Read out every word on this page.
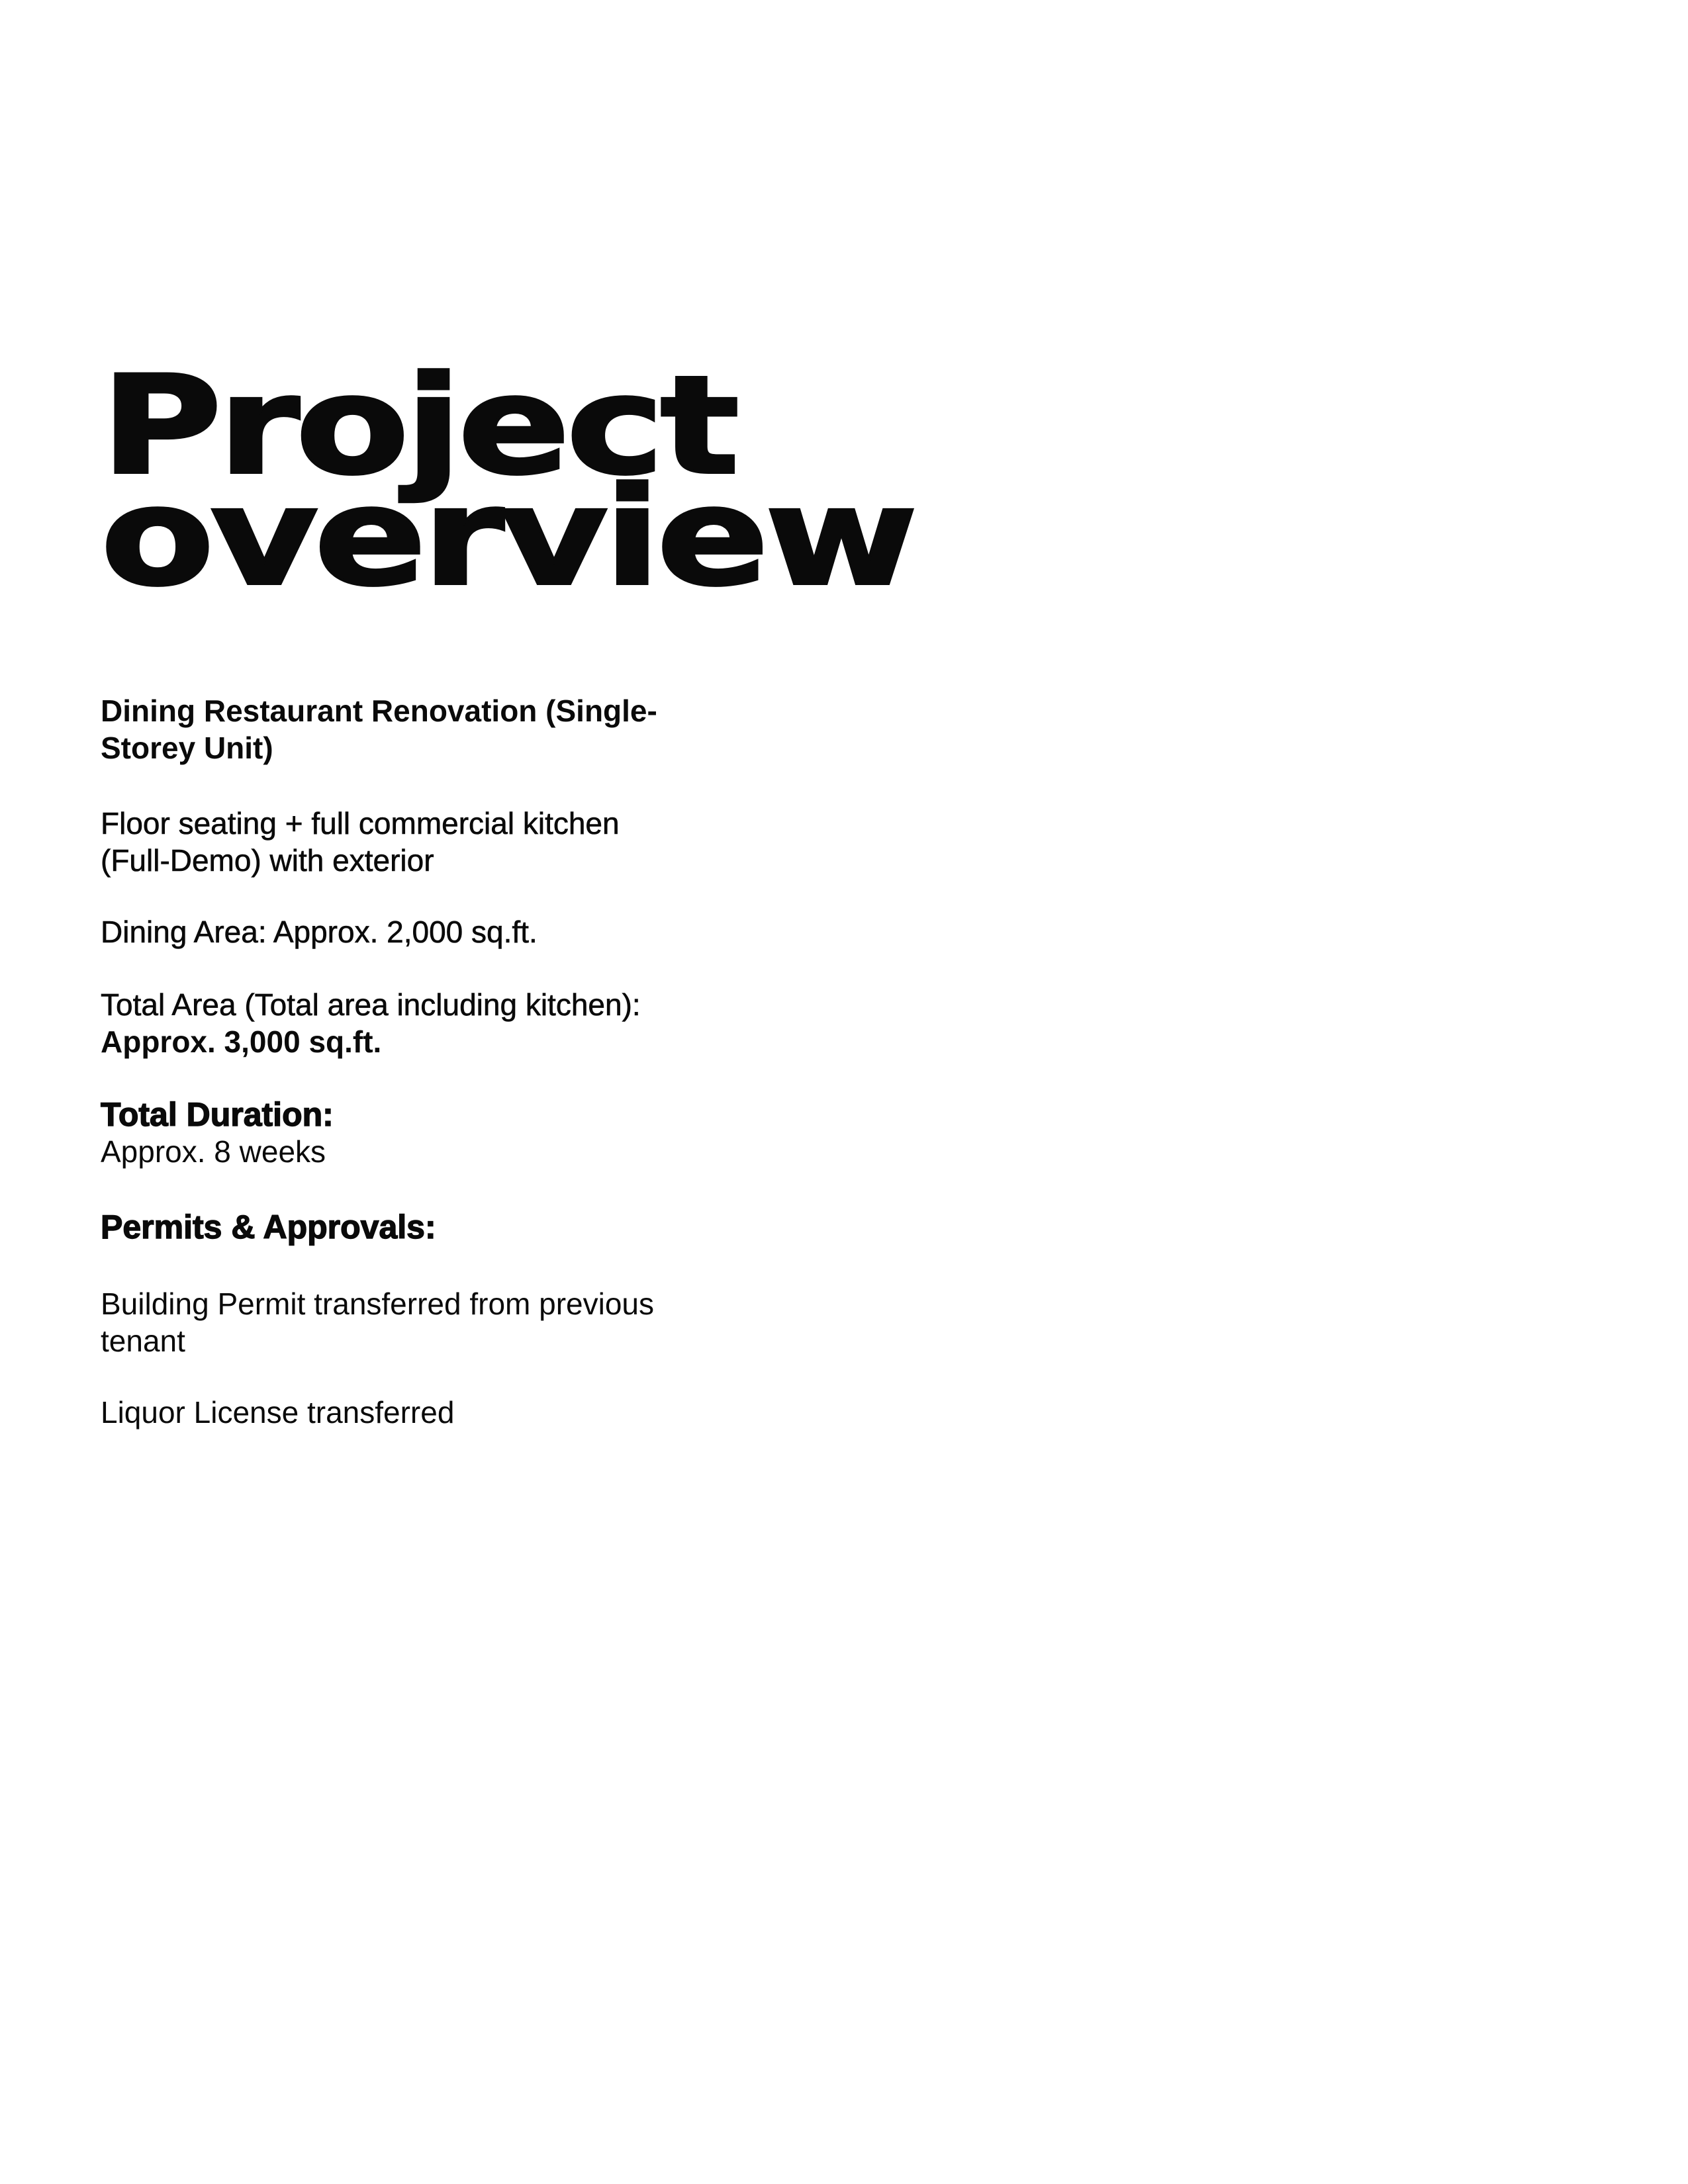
Project
overview

Dining Restaurant Renovation (Single-
Storey Unit)

Floor seating + full commercial kitchen
(Full-Demo) with exterior

Dining Area: Approx. 2,000 sq.ft.

Total Area (Total area including kitchen):
Approx. 3,000 sq.ft.

Total Duration:
Approx. 8 weeks

Permits & Approvals:

Building Permit transferred from previous
tenant

Liquor License transferred
